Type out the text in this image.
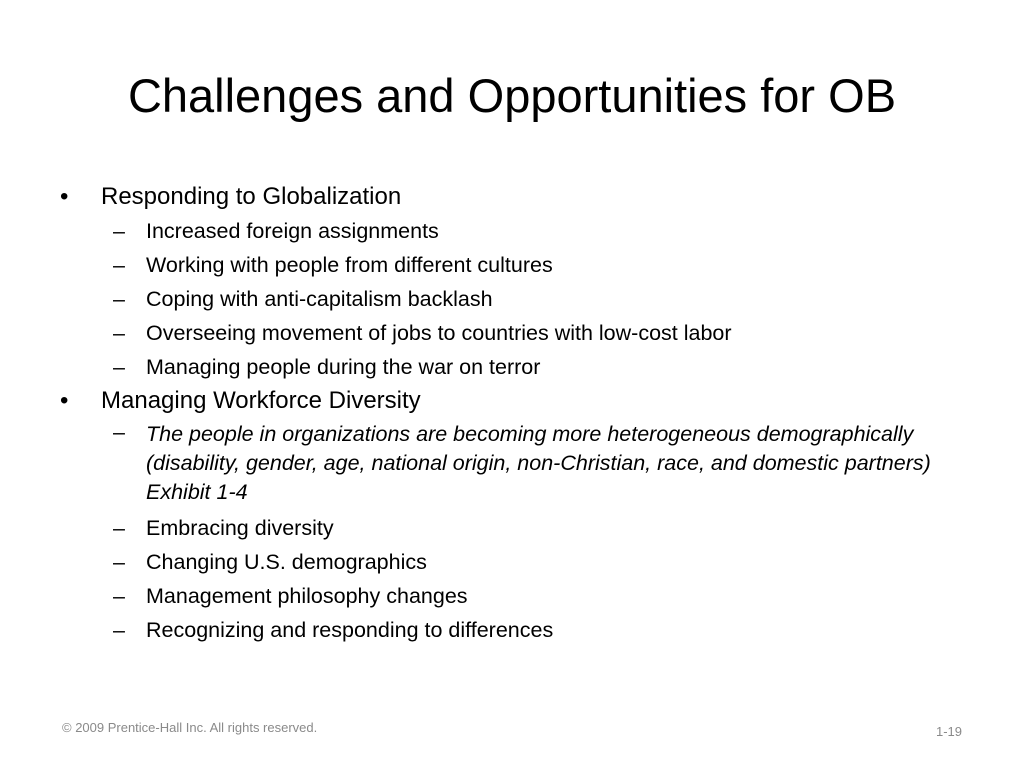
Challenges and Opportunities for OB
•	Responding to Globalization
– Increased foreign assignments
– Working with people from different cultures
– Coping with anti-capitalism backlash
– Overseeing movement of jobs to countries with low-cost labor
– Managing people during the war on terror
•	Managing Workforce Diversity
– The people in organizations are becoming more heterogeneous demographically (disability, gender, age, national origin, non-Christian, race, and domestic partners) Exhibit 1-4
– Embracing diversity
– Changing U.S. demographics
– Management philosophy changes
– Recognizing and responding to differences
© 2009 Prentice-Hall Inc. All rights reserved.	1-19
